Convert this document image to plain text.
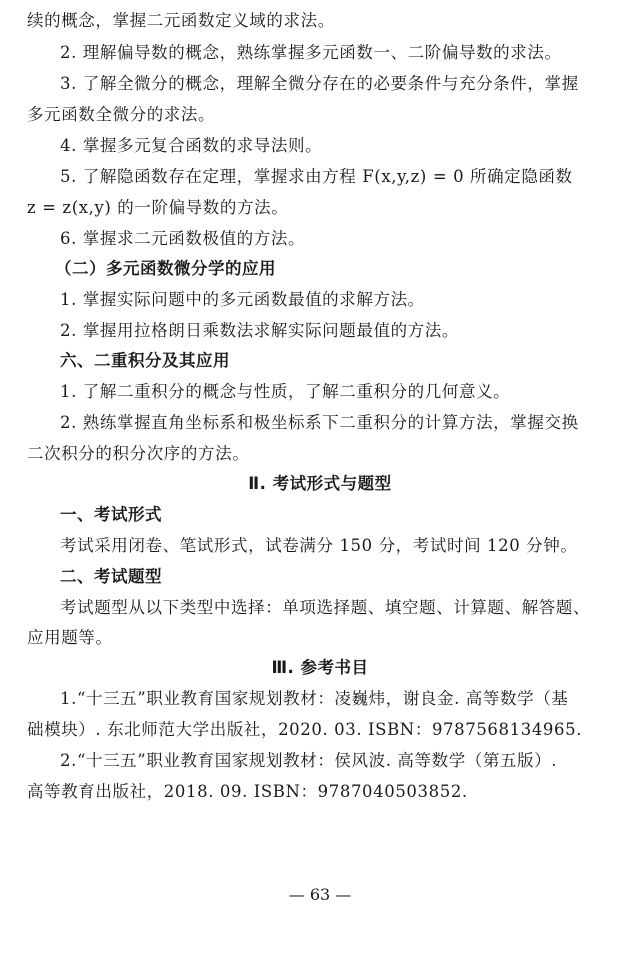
续的概念，掌握二元函数定义域的求法。
2. 理解偏导数的概念，熟练掌握多元函数一、二阶偏导数的求法。
3. 了解全微分的概念，理解全微分存在的必要条件与充分条件，掌握
多元函数全微分的求法。
4. 掌握多元复合函数的求导法则。
5. 了解隐函数存在定理，掌握求由方程 F(x,y,z) = 0 所确定隐函数
z = z(x,y) 的一阶偏导数的方法。
6. 掌握求二元函数极值的方法。
（二）多元函数微分学的应用
1. 掌握实际问题中的多元函数最值的求解方法。
2. 掌握用拉格朗日乘数法求解实际问题最值的方法。
六、二重积分及其应用
1. 了解二重积分的概念与性质，了解二重积分的几何意义。
2. 熟练掌握直角坐标系和极坐标系下二重积分的计算方法，掌握交换
二次积分的积分次序的方法。
Ⅱ. 考试形式与题型
一、考试形式
考试采用闭卷、笔试形式，试卷满分 150 分，考试时间 120 分钟。
二、考试题型
考试题型从以下类型中选择：单项选择题、填空题、计算题、解答题、
应用题等。
Ⅲ. 参考书目
1.“十三五”职业教育国家规划教材：凌巍炜，谢良金. 高等数学（基
础模块）. 东北师范大学出版社，2020. 03. ISBN：9787568134965.
2.“十三五”职业教育国家规划教材：侯风波. 高等数学（第五版）.
高等教育出版社，2018. 09. ISBN：9787040503852.
— 63 —
